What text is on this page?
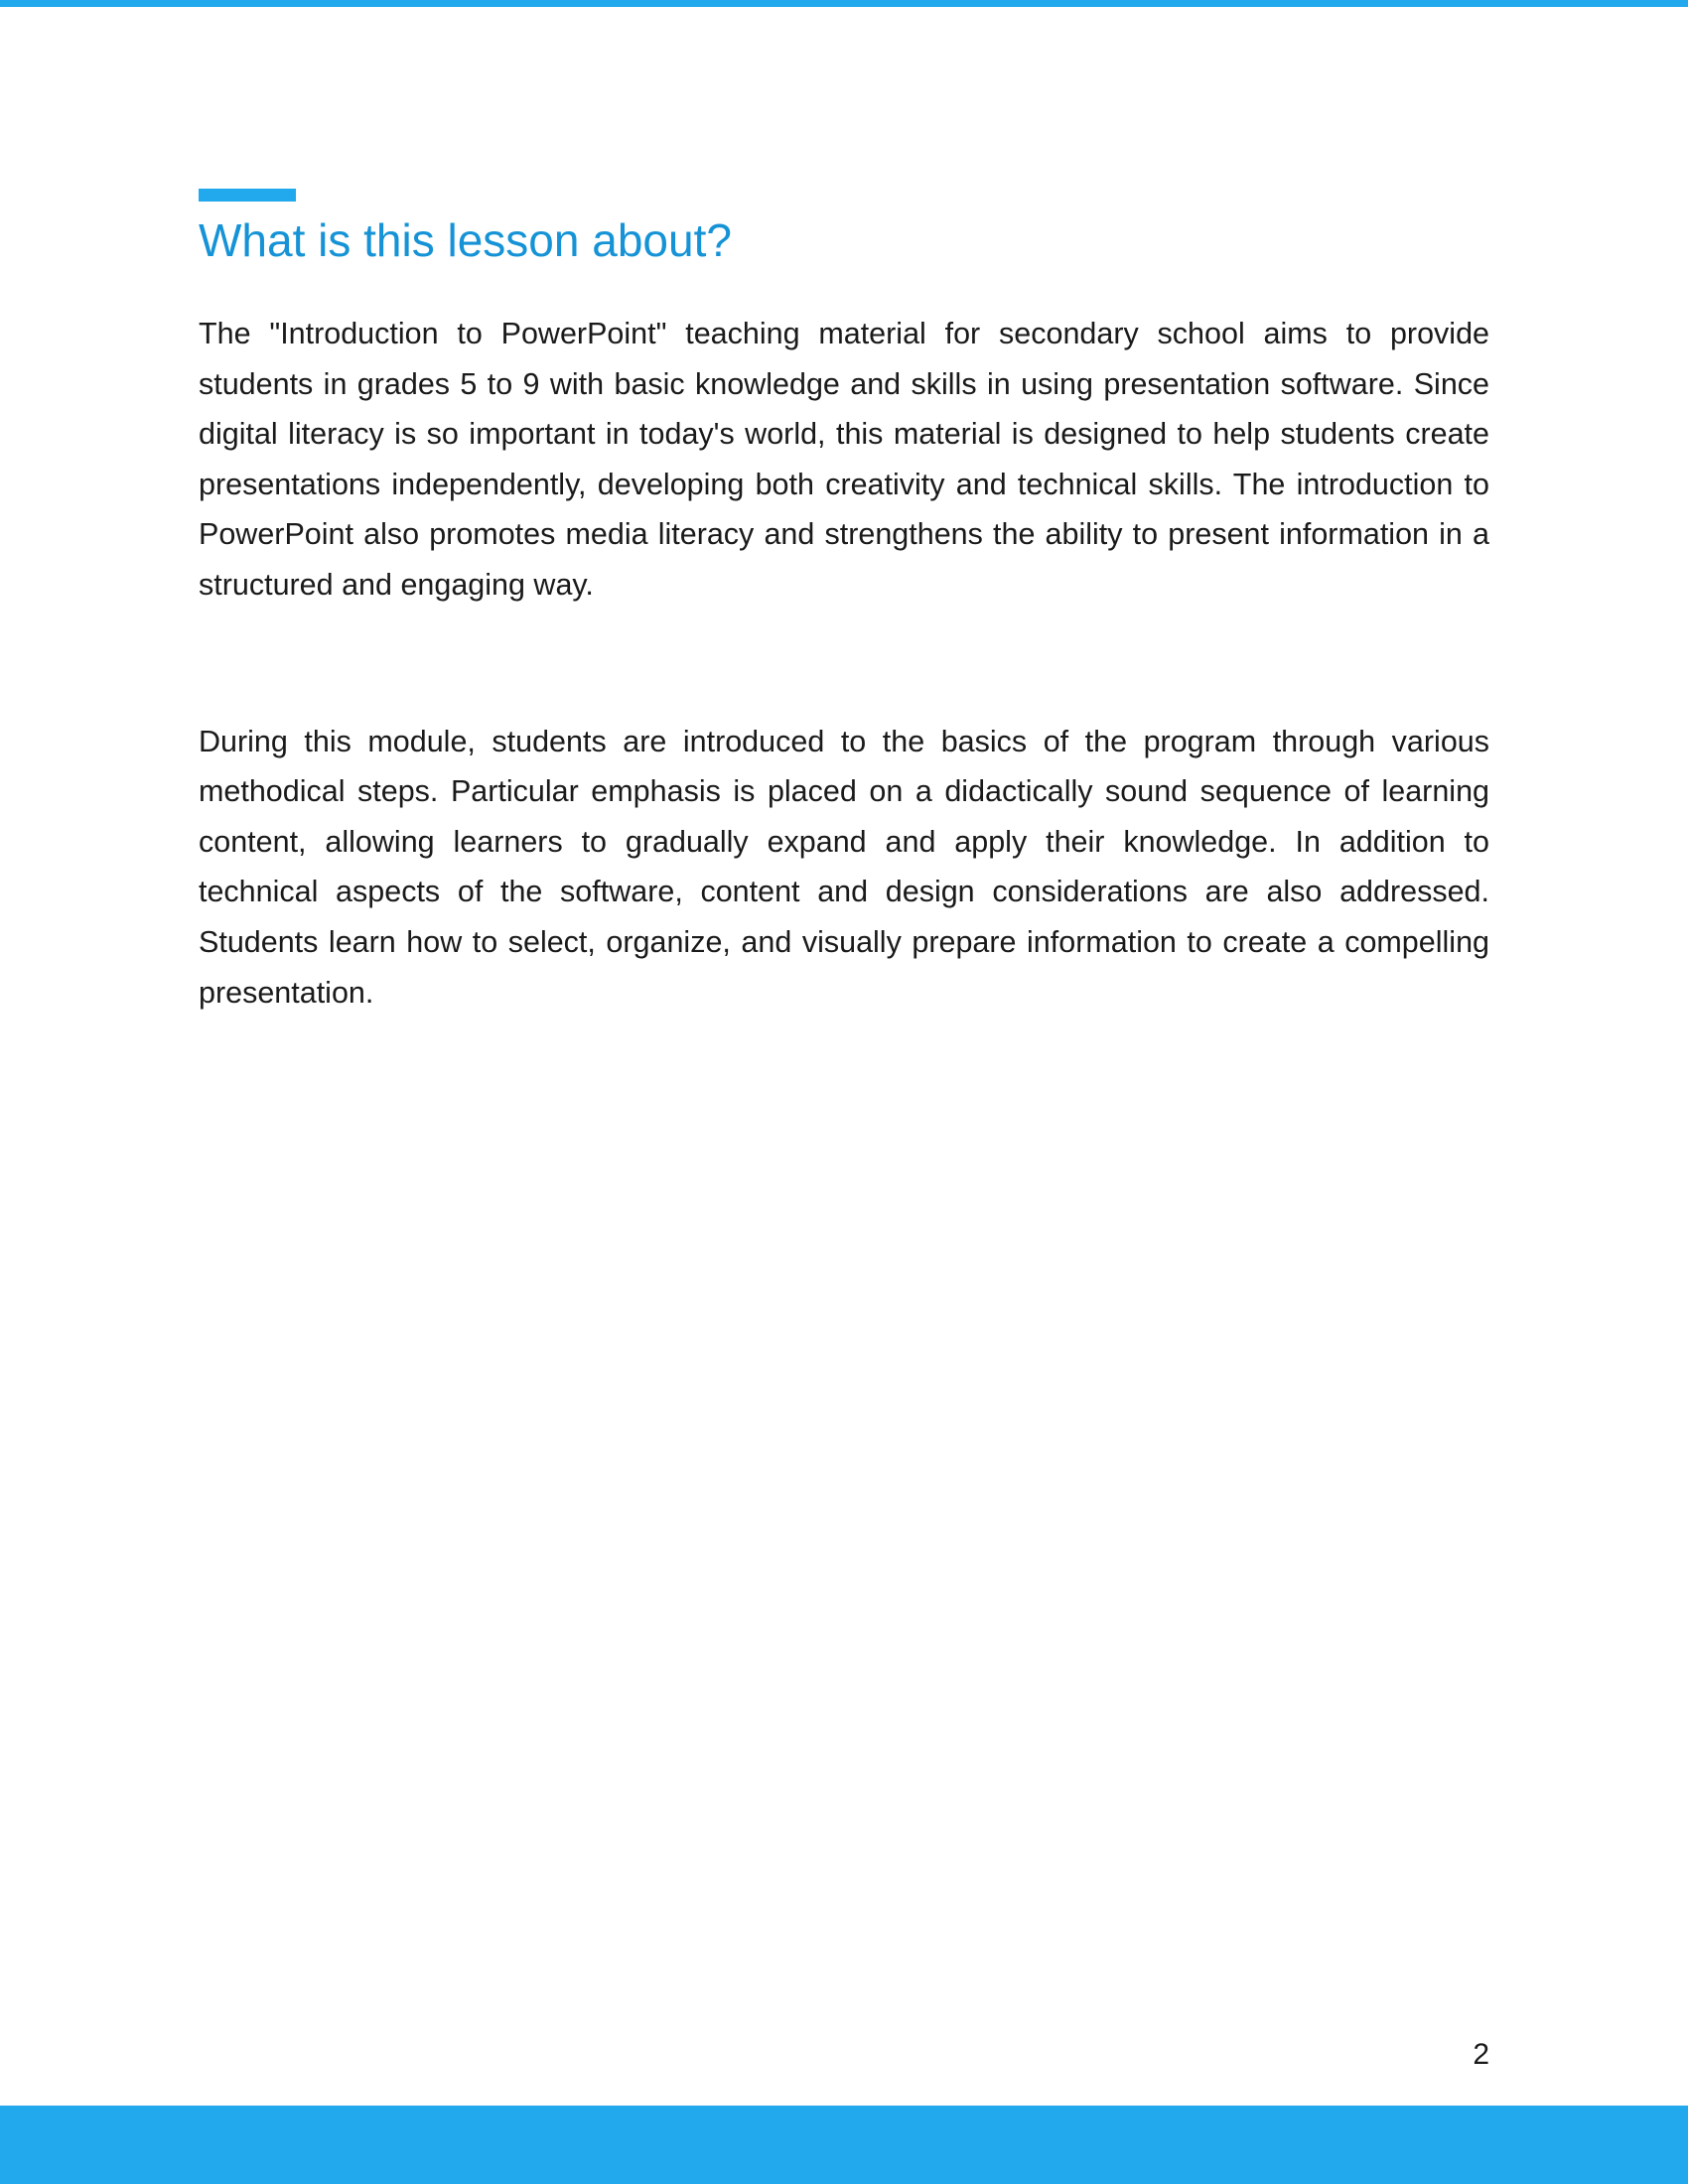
What is this lesson about?

The "Introduction to PowerPoint" teaching material for secondary school aims to provide students in grades 5 to 9 with basic knowledge and skills in using presentation software. Since digital literacy is so important in today's world, this material is designed to help students create presentations independently, developing both creativity and technical skills. The introduction to PowerPoint also promotes media literacy and strengthens the ability to present information in a structured and engaging way.

During this module, students are introduced to the basics of the program through various methodical steps. Particular emphasis is placed on a didactically sound sequence of learning content, allowing learners to gradually expand and apply their knowledge. In addition to technical aspects of the software, content and design considerations are also addressed. Students learn how to select, organize, and visually prepare information to create a compelling presentation.

2
